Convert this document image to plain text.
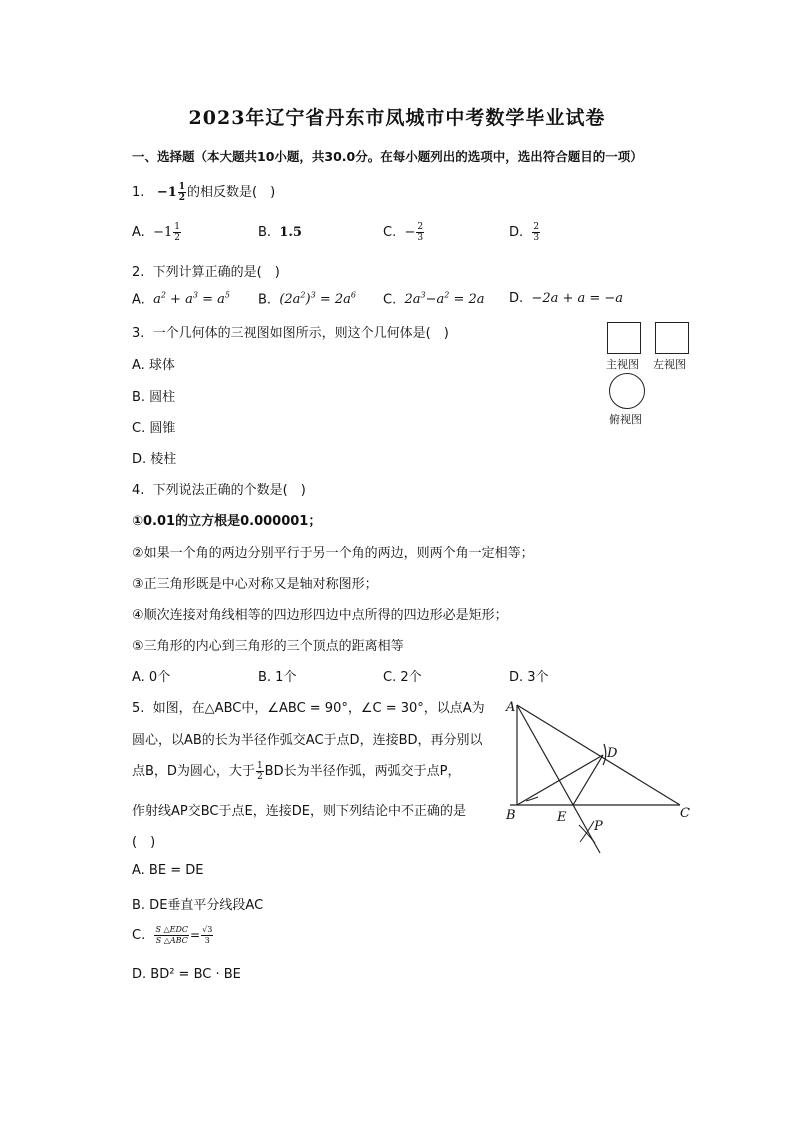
2023年辽宁省丹东市凤城市中考数学毕业试卷
一、选择题（本大题共10小题，共30.0分。在每小题列出的选项中，选出符合题目的一项）
1. $-1 \frac{1}{2}$ 的相反数是(　)
A. $-1 \frac{1}{2}$	B. 1.5	C. − $\frac{2}{3}$	D. $\frac{2}{3}$
2. 下列计算正确的是(　)
A. $a^2 + a^3 = a^5$ B. $(2a^2)^3 = 2a^6$ C. $2a^3-a^2 = 2a$ D. −2a + a = −a
3. 一个几何体的三视图如图所示，则这个几何体是(　)
A. 球体
B. 圆柱
C. 圆锥
D. 棱柱
主视图 左视图
俯视图
4. 下列说法正确的个数是(　)
①0.01的立方根是0.000001；
②如果一个角的两边分别平行于另一个角的两边，则两个角一定相等；
③正三角形既是中心对称又是轴对称图形；
④顺次连接对角线相等的四边形四边中点所得的四边形必是矩形；
⑤三角形的内心到三角形的三个顶点的距离相等
A. 0个	B. 1个	C. 2个	D. 3个
5. 如图，在△ABC中，∠ABC = 90°，∠C = 30°，以点A为
圆心，以AB的长为半径作弧交AC于点D，连接BD，再分别以
点B，D为圆心，大于 $\frac{1}{2}$ BD长为半径作弧，两弧交于点P，
作射线AP交BC于点E，连接DE，则下列结论中不正确的是
(　)
A. BE = DE
B. DE垂直平分线段AC
C. $\frac{\text{S △EDC}}{\text{S △ABC}} = \frac{√3}{3}$
D. BD² = BC · BE
A
B	C
D
E
P
